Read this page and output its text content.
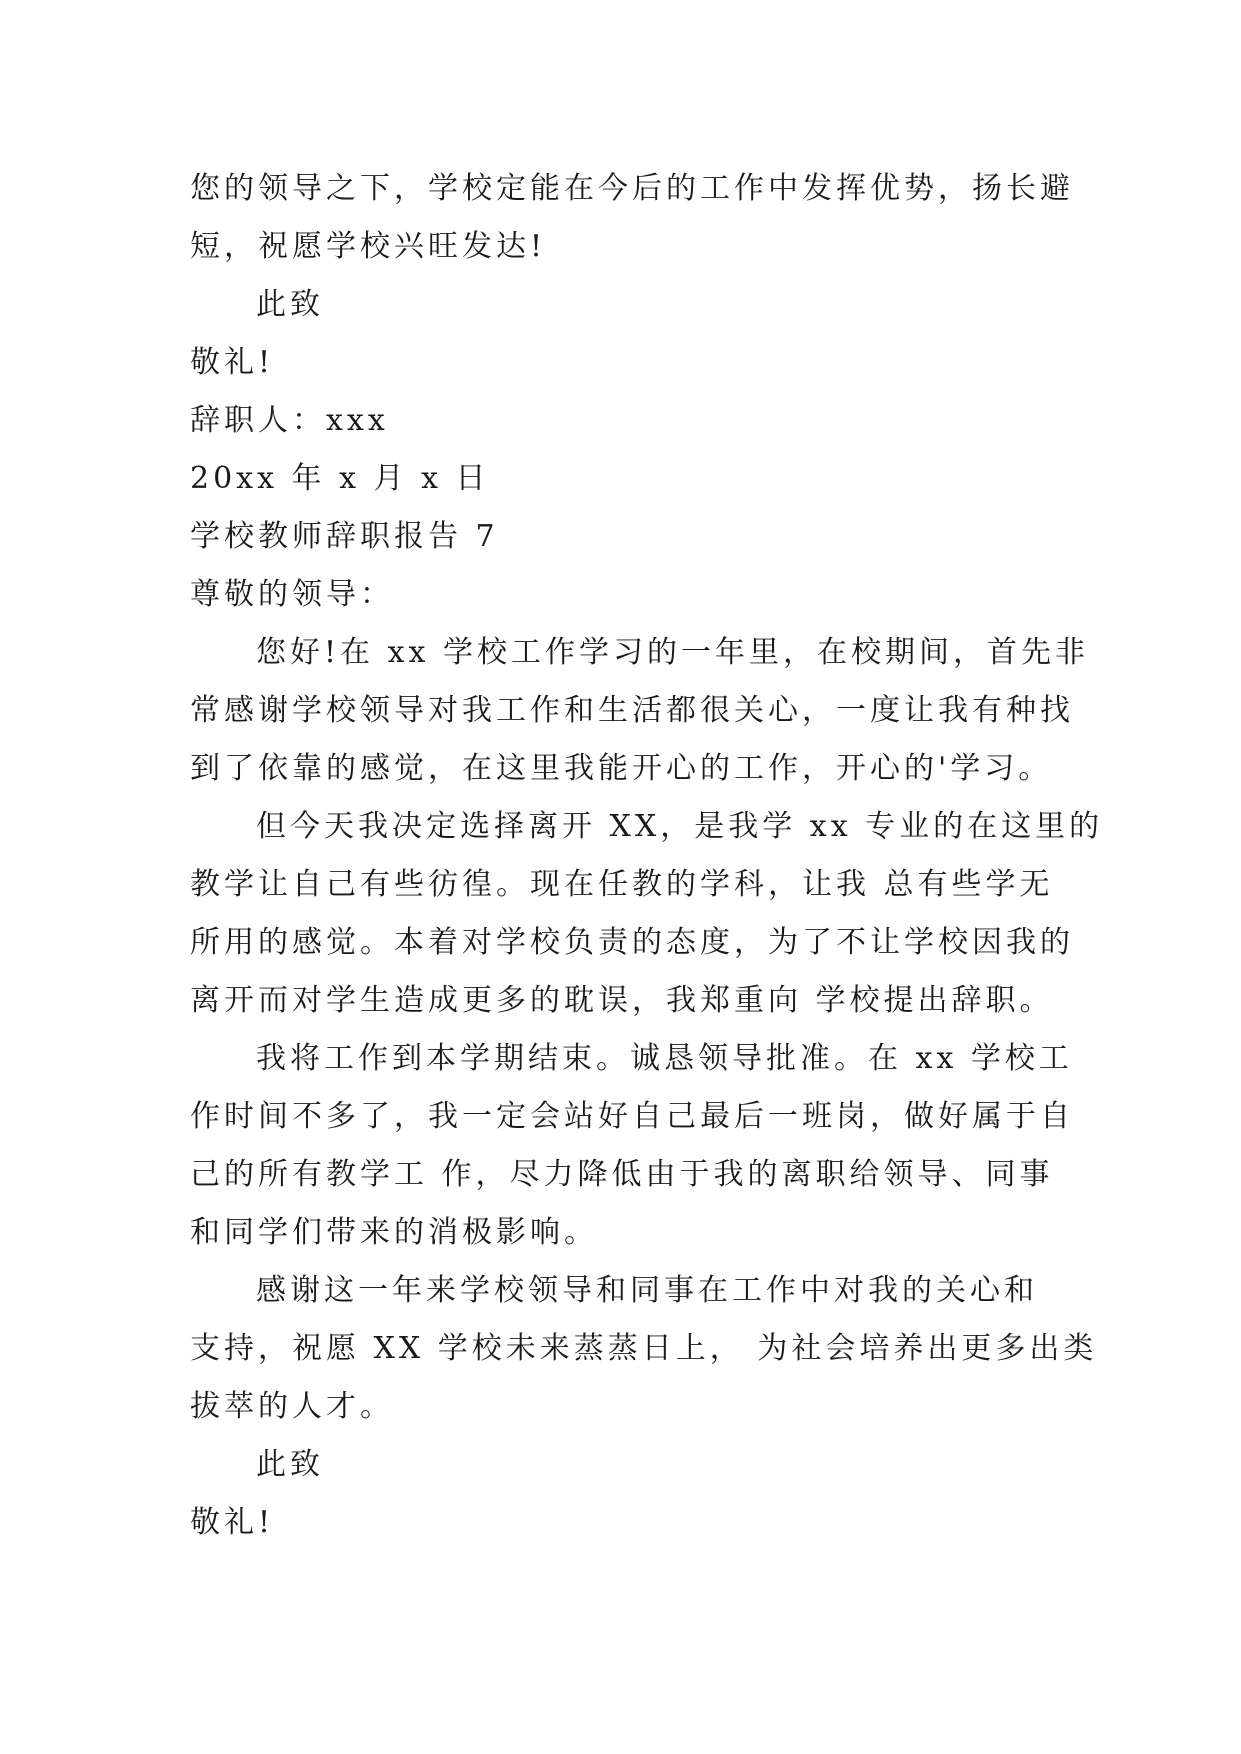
您的领导之下，学校定能在今后的工作中发挥优势，扬长避
短，祝愿学校兴旺发达!
此致
敬礼!
辞职人：xxx
20xx 年 x 月 x 日
学校教师辞职报告 7
尊敬的领导：
您好!在 xx 学校工作学习的一年里，在校期间，首先非
常感谢学校领导对我工作和生活都很关心，一度让我有种找
到了依靠的感觉，在这里我能开心的工作，开心的'学习。
但今天我决定选择离开 XX，是我学 xx 专业的在这里的
教学让自己有些彷徨。现在任教的学科，让我 总有些学无
所用的感觉。本着对学校负责的态度，为了不让学校因我的
离开而对学生造成更多的耽误，我郑重向 学校提出辞职。
我将工作到本学期结束。诚恳领导批准。在 xx 学校工
作时间不多了，我一定会站好自己最后一班岗，做好属于自
己的所有教学工 作，尽力降低由于我的离职给领导、同事
和同学们带来的消极影响。
感谢这一年来学校领导和同事在工作中对我的关心和
支持，祝愿 XX 学校未来蒸蒸日上， 为社会培养出更多出类
拔萃的人才。
此致
敬礼!
